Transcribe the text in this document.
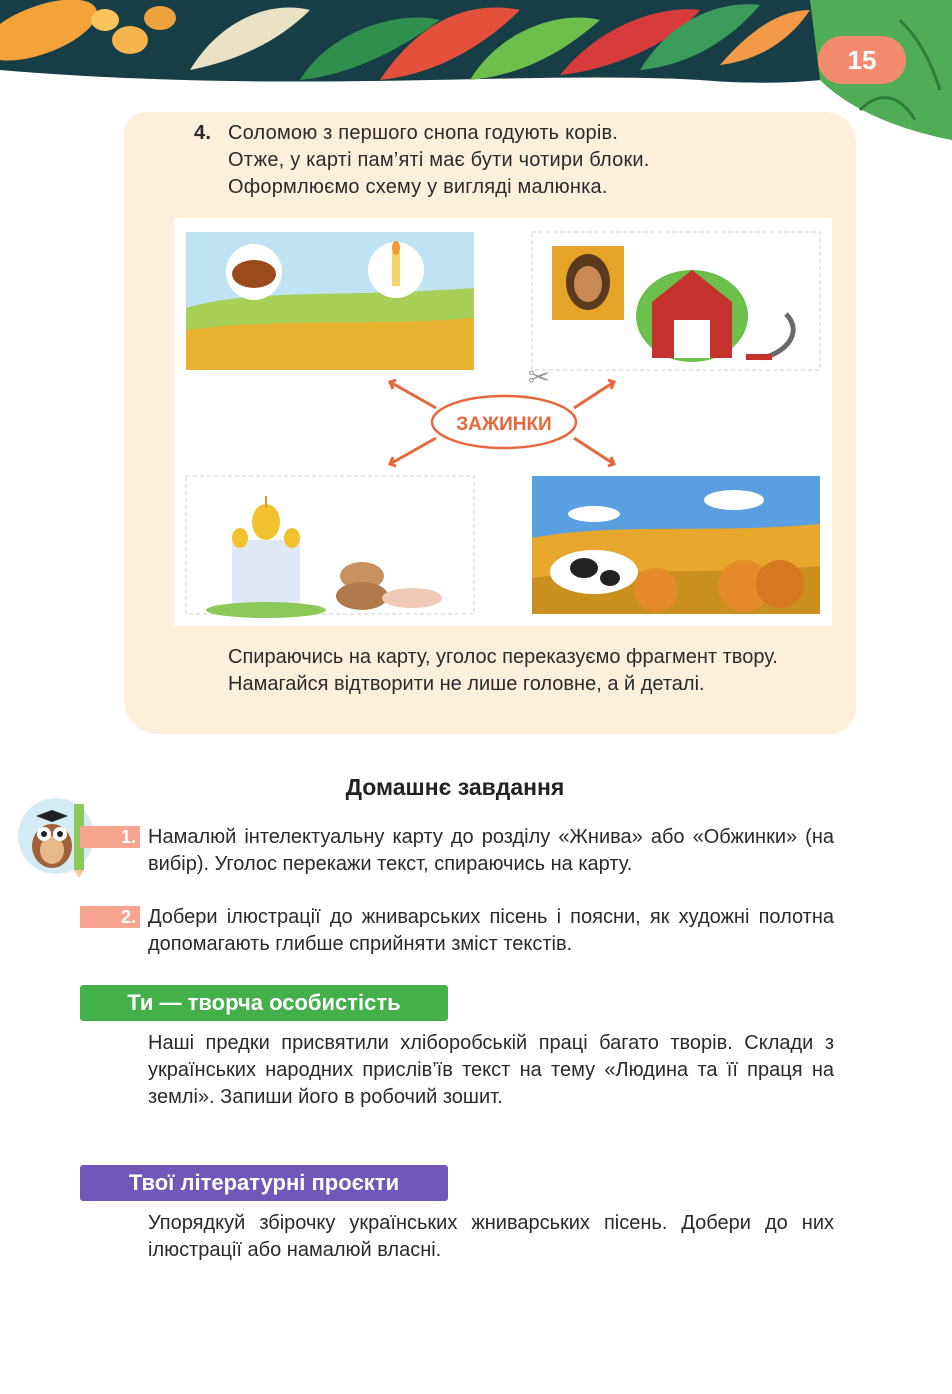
15
4. Соломою з першого снопа годують корів.
Отже, у карті пам’яті має бути чотири блоки.
Оформлюємо схему у вигляді малюнка.
✂
ЗАЖИНКИ
Спираючись на карту, уголос переказуємо фрагмент твору.
Намагайся відтворити не лише головне, а й деталі.
Домашнє завдання
1. Намалюй інтелектуальну карту до розділу «Жнива» або «Обжинки» (на вибір). Уголос перекажи текст, спираючись на карту.
2. Добери ілюстрації до жниварських пісень і поясни, як художні полотна допомагають глибше сприйняти зміст текстів.
Ти — творча особистість
Наші предки присвятили хліборобській праці багато творів. Склади з українських народних прислів’їв текст на тему «Людина та її праця на землі». Запиши його в робочий зошит.
Твої літературні проєкти
Упорядкуй збірочку українських жниварських пісень. Добери до них ілюстрації або намалюй власні.
